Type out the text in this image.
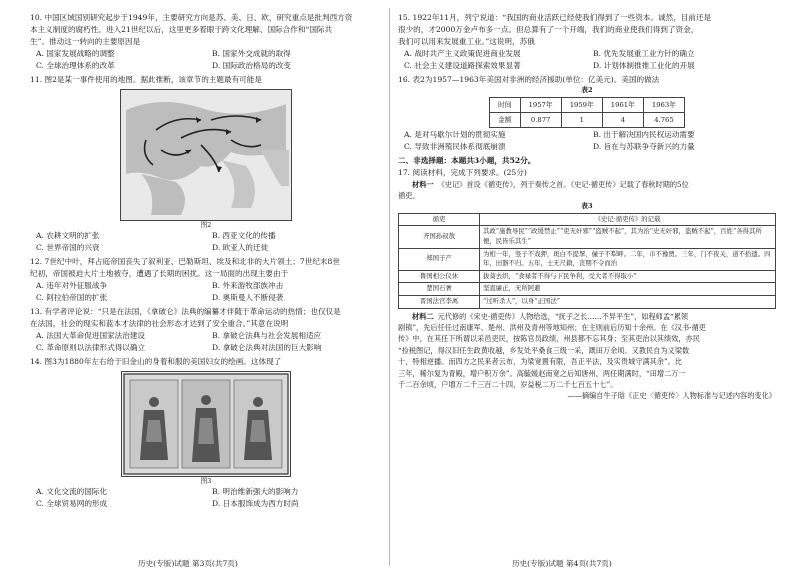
10. 中国区域国别研究起步于1949年，主要研究方向是苏、美、日、欧，研究重点是批判西方资

本主义制度的腐朽性。进入21世纪以后，这里更多着眼于跨文化理解、国际合作和“国际共

生”。推动这一转向的主要原因是

A. 国家发展战略的调整	B. 国家外交成就的取得
C. 全球治理体系的改革	D. 国际政治格局的改变

11. 图2是某一事件使用的地图。据此推断，该章节的主题最有可能是

图2
A. 农耕文明的扩张	B. 西亚文化的传播
C. 世界帝国的兴衰	D. 欧亚人的迁徙

12. 7世纪中叶，拜占庭帝国丧失了叙利亚、巴勒斯坦、埃及和北非的大片领土；7世纪末8世

纪初，帝国被迫大片土地被夺，遭遇了长期的困扰。这一局面的出现主要由于

A. 违年对外征服战争	B. 外来游牧部族冲击
C. 阿拉伯帝国的扩张	D. 奥斯曼人不断侵袭

13. 有学者评论说：“只是在法国，《拿破仑》法典的编纂才伴随于革命运动的热情；也仅仅是

在法国，社会的现实和蓝本才法律的社会形态才达到了安全重合。”其意在说明

A. 法国大革命促进国家法治建设	B. 拿破仑法典与社会发展相适应
C. 革命原则以法律形式得以确立	D. 拿破仑法典对法国的巨大影响

14. 图3为1880年左右给于旧金山的身着和服的美国妇女的绘画。这体现了

图3
A. 文化交流的国际化	B. 明治维新强大的影响力
C. 全球贸易网的形成	D. 日本服饰成为西方时尚
历史(专版)试题 第3页(共7页)

15. 1922年11月，列宁说道：“我国的商业活跃已经使我们得到了一些资本。诚然，目前还是

很少的，才2000万金卢布多一点。但总算有了一个开端，我们的商业使我们得到了资金，

我们可以用来发展重工业。”这说明，苏俄

A. 战时共产主义政策促进商业发展	B. 优先发展重工业方针的确立
C. 社会主义建设道路探索效果显著	D. 计划体制推推工业化的开展

16. 表2为1957—1963年美国对非洲的经济援助(单位：亿美元)。美国的做法

表2
时间	1957年	1959年	1961年	1963年
金额	0.877	1	4	4.765
A. 是对马歇尔计划的贯彻实施	B. 出于解决国内民权运动需要
C. 导致非洲殖民体系彻底崩溃	D. 旨在与苏联争夺新兴的力量

二、非选择题：本题共3小题，共52分。

17. 阅读材料，完成下列要求。(25分)

材料一 《史记》首设《循吏传》，列于奏传之首。《史记·循吏传》记载了春秋时期的5位

循吏。

表3
循吏	《史记·循吏传》的记载
齐国孙叔敖	其政“施教导民”“政缓禁止”“吏无奸邪”“盗贼不起”，其为治“史无奸邪，盗贼不起”，百姓“各得其所便，民皆乐其生”
郑国子产	为相一年，竖子不戏狎，斑白不提挈，僮子不犁畔。二年，市不豫贾。三年，门不夜关，道不拾遗。四年，田器不归。五年，士无尺籍，丧期不令而治
鲁国相公仪休	拔葵去织，“食禄者不得与下民争利，受大者不得取小”
楚国石奢	坚直廉正，无所阿避
晋国法官李离	“过听杀人”，以身“正国法”

材料二 元代修的《宋史·循吏传》人物给选，“抚子之长……不异平生”，如程师孟“累领

剧镇”，先后任任过南康军、楚州、洪州及青州等地知州；在主则前后历知十余州。在《汉书·循吏

传》中，在其任下所谓以采邑吏民，按陈官员政绩，州县都不忘其身；至其吏治以其绩效，亦民

“捡税图记，得汉旧任生政黄收越，乡发处平桑食三级一采，溉田万余顷。又教民自为义梁数

十，特相逆播。而四方之民来者云布，为梁宽置有限，吾正平法，及实贵城守满其余”。比

三年，稀尔复为青殿，增户积万余”。高毓媛赵南宽之后知唐州，两任期满时，“田增二万一

千二百余顷，户增万二千三百二十四，岁益税二万二千七百五十七”。

——摘编自牛子晗《正史〈循吏传〉人物标准与记述内容的变化》

历史(专版)试题 第4页(共7页)
